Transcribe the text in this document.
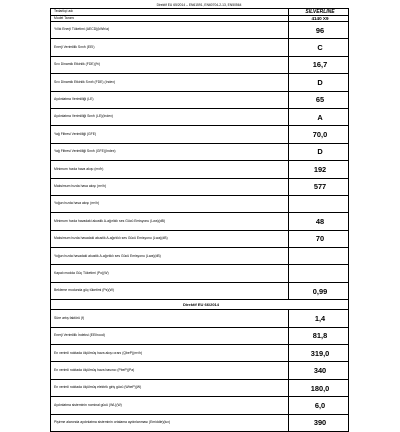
Direktif EU 65/2014 – EN61591, EN60704-2-13, EN50564
Tedarikçi adı	SILVERLINE
Model Tanımı	4140 X9
Yıllık Enerji Tüketimi (AECD)(kWh/a)	96
Enerji Verimlilik Sınıfı (EEI)	C
Sıvı Dinamik Etkinlik (FDE)(%)	16,7
Sıvı Dinamik Etkinlik Sınıfı (FDE) (Index)	D
Aydınlatma Verimliliği (LE)	65
Aydınlatma Verimliliği Sınıfı (LE)(Index)	A
Yağ Filtresi Verimliliği (GFE)	70,0
Yağ Filtresi Verimliliği Sınıfı (GFE)(Index)	D
Minimum hızda hava akışı (m³/h)	192
Maksimum hızda hava akışı (m³/h)	577
Yoğun hızda hava akışı (m³/h)	
Minimum hızda havadaki akustik A-ağırlıklı ses Gücü Emisyonu (Lwa)(dB)	48
Maksimum hızda havadaki akustik A-ağırlıklı ses Gücü Emisyonu (Lwa)(dB)	70
Yoğun hızda havadaki akustik A-ağırlıklı ses Gücü Emisyonu (Lwa)(dB)	
Kapalı modda Güç Tüketimi (Po)(W)	
Bekleme modunda güç tüketimi (Ps)(W)	0,99
Direktif EU 66/2014	
Süre artış faktörü (f)	1,4
Enerji Verimlilik İndeksi (EEIhood)	81,8
En verimli noktada ölçülmüş hava akışı oranı (QbeP)(m³/h)	319,0
En verimli noktada ölçülmüş hava basıncı (PbeP)(Pa)	340
En verimli noktada ölçülmüş elektrik giriş gücü (WbeP)(W)	180,0
Aydınlatma sisteminin nominal gücü (WL)(W)	6,0
Pişirme alanında aydınlatma sisteminin ortalama aydınlanması (Emiddle)(lux)	390
